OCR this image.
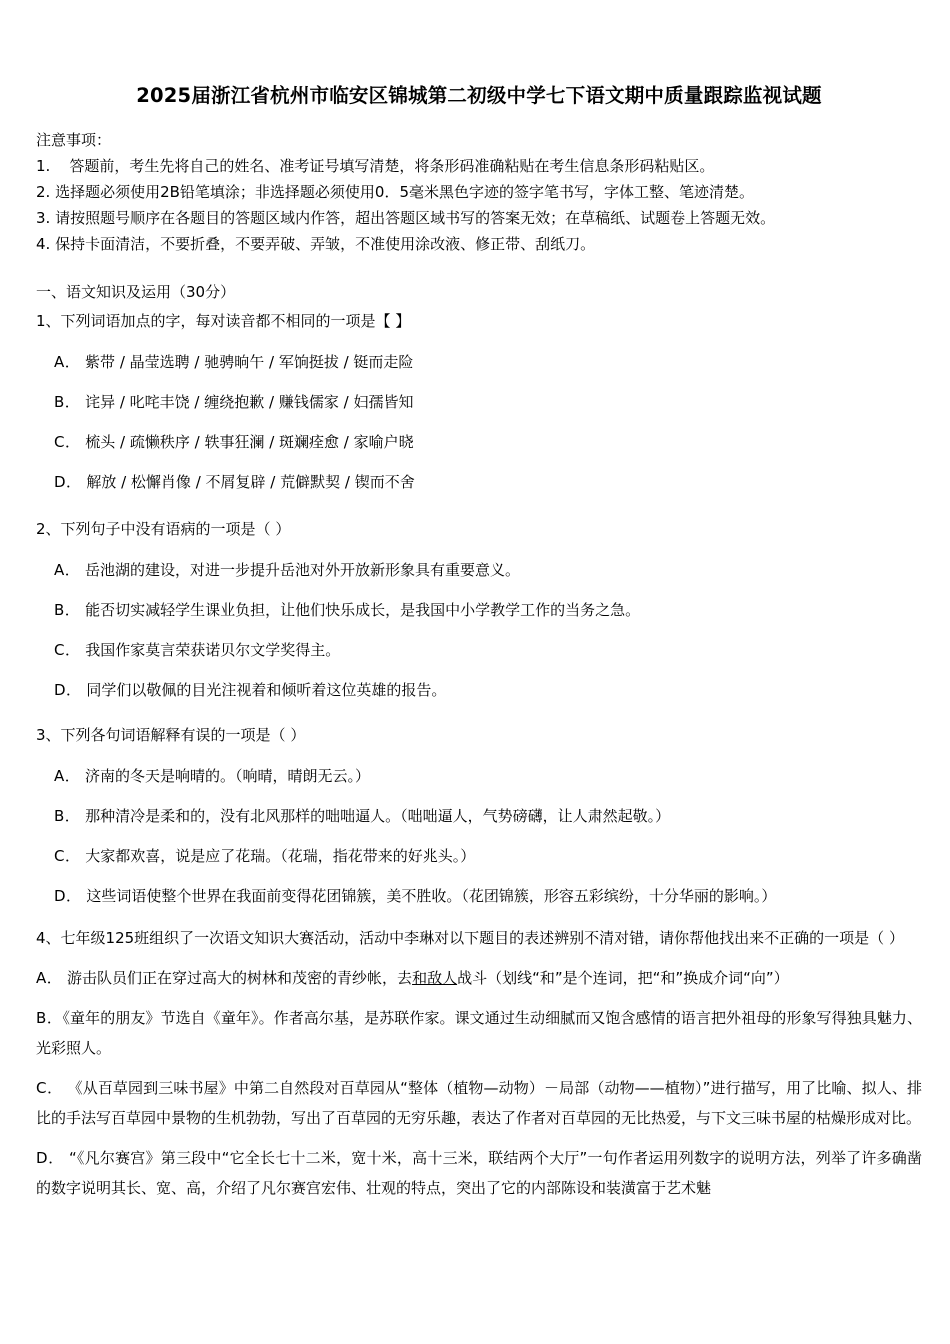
2025届浙江省杭州市临安区锦城第二初级中学七下语文期中质量跟踪监视试题

注意事项：

1. 答题前，考生先将自己的姓名、准考证号填写清楚，将条形码准确粘贴在考生信息条形码粘贴区。

2. 选择题必须使用2B铅笔填涂；非选择题必须使用0．5毫米黑色字迹的签字笔书写，字体工整、笔迹清楚。

3. 请按照题号顺序在各题目的答题区域内作答，超出答题区域书写的答案无效；在草稿纸、试题卷上答题无效。

4. 保持卡面清洁，不要折叠，不要弄破、弄皱，不准使用涂改液、修正带、刮纸刀。

一、语文知识及运用（30分）

1、下列词语加点的字，每对读音都不相同的一项是【 】

A． 紫带 / 晶莹选聘 / 驰骋晌午 / 军饷挺拔 / 铤而走险

B． 诧异 / 叱咤丰饶 / 缠绕抱歉 / 赚钱儒家 / 妇孺皆知

C． 梳头 / 疏懒秩序 / 轶事狂澜 / 斑斓痊愈 / 家喻户晓

D． 解放 / 松懈肖像 / 不屑复辟 / 荒僻默契 / 锲而不舍

2、下列句子中没有语病的一项是（ ）

A． 岳池湖的建设，对进一步提升岳池对外开放新形象具有重要意义。

B． 能否切实减轻学生课业负担，让他们快乐成长，是我国中小学教学工作的当务之急。

C． 我国作家莫言荣获诺贝尔文学奖得主。

D． 同学们以敬佩的目光注视着和倾听着这位英雄的报告。

3、下列各句词语解释有误的一项是（ ）

A． 济南的冬天是响晴的。（响晴，晴朗无云。）

B． 那种清冷是柔和的，没有北风那样的咄咄逼人。（咄咄逼人，气势磅礴，让人肃然起敬。）

C． 大家都欢喜，说是应了花瑞。（花瑞，指花带来的好兆头。）

D． 这些词语使整个世界在我面前变得花团锦簇，美不胜收。（花团锦簇，形容五彩缤纷，十分华丽的影响。）

4、七年级125班组织了一次语文知识大赛活动，活动中李琳对以下题目的表述辨别不清对错，请你帮他找出来不正确的一项是（ ）

A． 游击队员们正在穿过高大的树林和茂密的青纱帐，去和敌人战斗（划线“和”是个连词，把“和”换成介词“向”）

B．《童年的朋友》节选自《童年》。作者高尔基，是苏联作家。课文通过生动细腻而又饱含感情的语言把外祖母的形象写得独具魅力、光彩照人。

C． 《从百草园到三味书屋》中第二自然段对百草园从“整体（植物—动物）－局部（动物——植物）”进行描写，用了比喻、拟人、排比的手法写百草园中景物的生机勃勃，写出了百草园的无穷乐趣，表达了作者对百草园的无比热爱，与下文三味书屋的枯燥形成对比。

D． “《凡尔赛宫》第三段中“它全长七十二米，宽十米，高十三米，联结两个大厅”一句作者运用列数字的说明方法，列举了许多确凿的数字说明其长、宽、高，介绍了凡尔赛宫宏伟、壮观的特点，突出了它的内部陈设和装潢富于艺术魅
